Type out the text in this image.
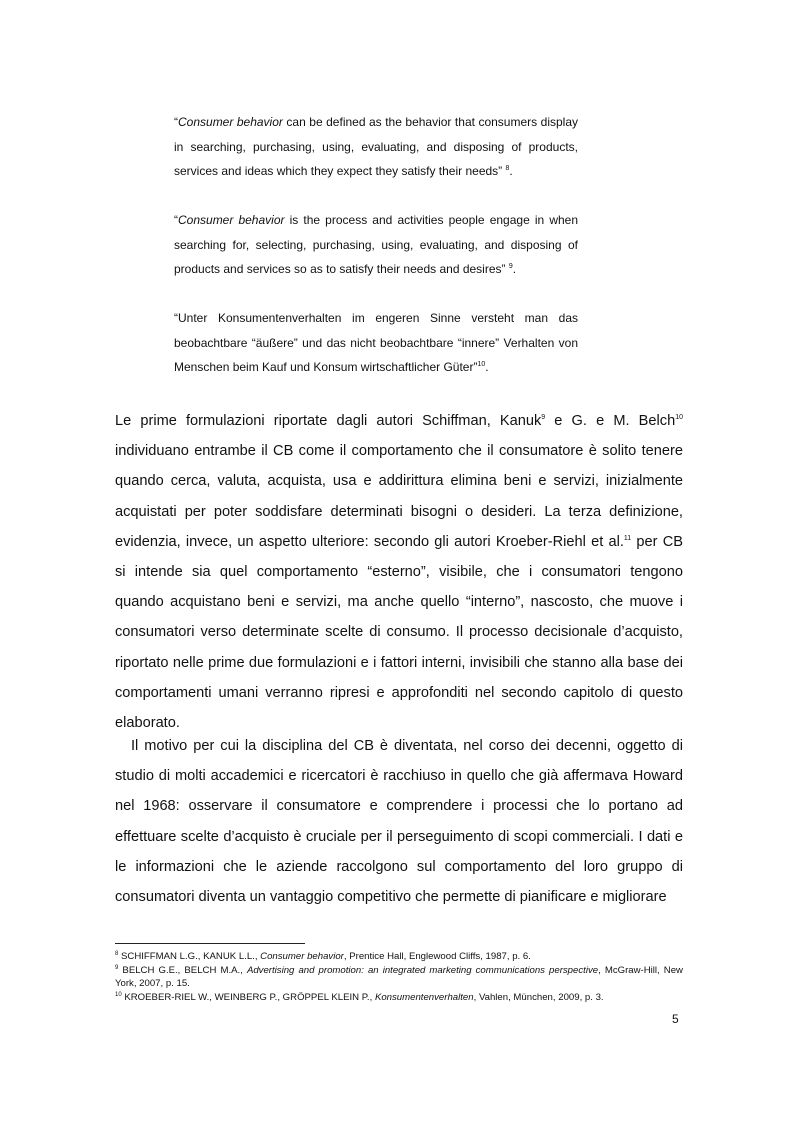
“Consumer behavior can be defined as the behavior that consumers display in searching, purchasing, using, evaluating, and disposing of products, services and ideas which they expect they satisfy their needs” $^8$.
“Consumer behavior is the process and activities people engage in when searching for, selecting, purchasing, using, evaluating, and disposing of products and services so as to satisfy their needs and desires” $^9$.
“Unter Konsumentenverhalten im engeren Sinne versteht man das beobachtbare “äußere” und das nicht beobachtbare “innere” Verhalten von Menschen beim Kauf und Konsum wirtschaftlicher Güter”$^{10}$.

Le prime formulazioni riportate dagli autori Schiffman, Kanuk$^9$ e G. e M. Belch$^{10}$ individuano entrambe il CB come il comportamento che il consumatore è solito tenere quando cerca, valuta, acquista, usa e addirittura elimina beni e servizi, inizialmente acquistati per poter soddisfare determinati bisogni o desideri. La terza definizione, evidenzia, invece, un aspetto ulteriore: secondo gli autori Kroeber-Riehl et al.$^{11}$ per CB si intende sia quel comportamento “esterno”, visibile, che i consumatori tengono quando acquistano beni e servizi, ma anche quello “interno”, nascosto, che muove i consumatori verso determinate scelte di consumo. Il processo decisionale d’acquisto, riportato nelle prime due formulazioni e i fattori interni, invisibili che stanno alla base dei comportamenti umani verranno ripresi e approfonditi nel secondo capitolo di questo elaborato.

Il motivo per cui la disciplina del CB è diventata, nel corso dei decenni, oggetto di studio di molti accademici e ricercatori è racchiuso in quello che già affermava Howard nel 1968: osservare il consumatore e comprendere i processi che lo portano ad effettuare scelte d’acquisto è cruciale per il perseguimento di scopi commerciali. I dati e le informazioni che le aziende raccolgono sul comportamento del loro gruppo di consumatori diventa un vantaggio competitivo che permette di pianificare e migliorare

$^8$ SCHIFFMAN L.G., KANUK L.L., Consumer behavior, Prentice Hall, Englewood Cliffs, 1987, p. 6.

$^9$ BELCH G.E., BELCH M.A., Advertising and promotion: an integrated marketing communications perspective, McGraw-Hill, New York, 2007, p. 15.

$^{10}$ KROEBER-RIEL W., WEINBERG P., GRÖPPEL KLEIN P., Konsumentenverhalten, Vahlen, München, 2009, p. 3.

5
